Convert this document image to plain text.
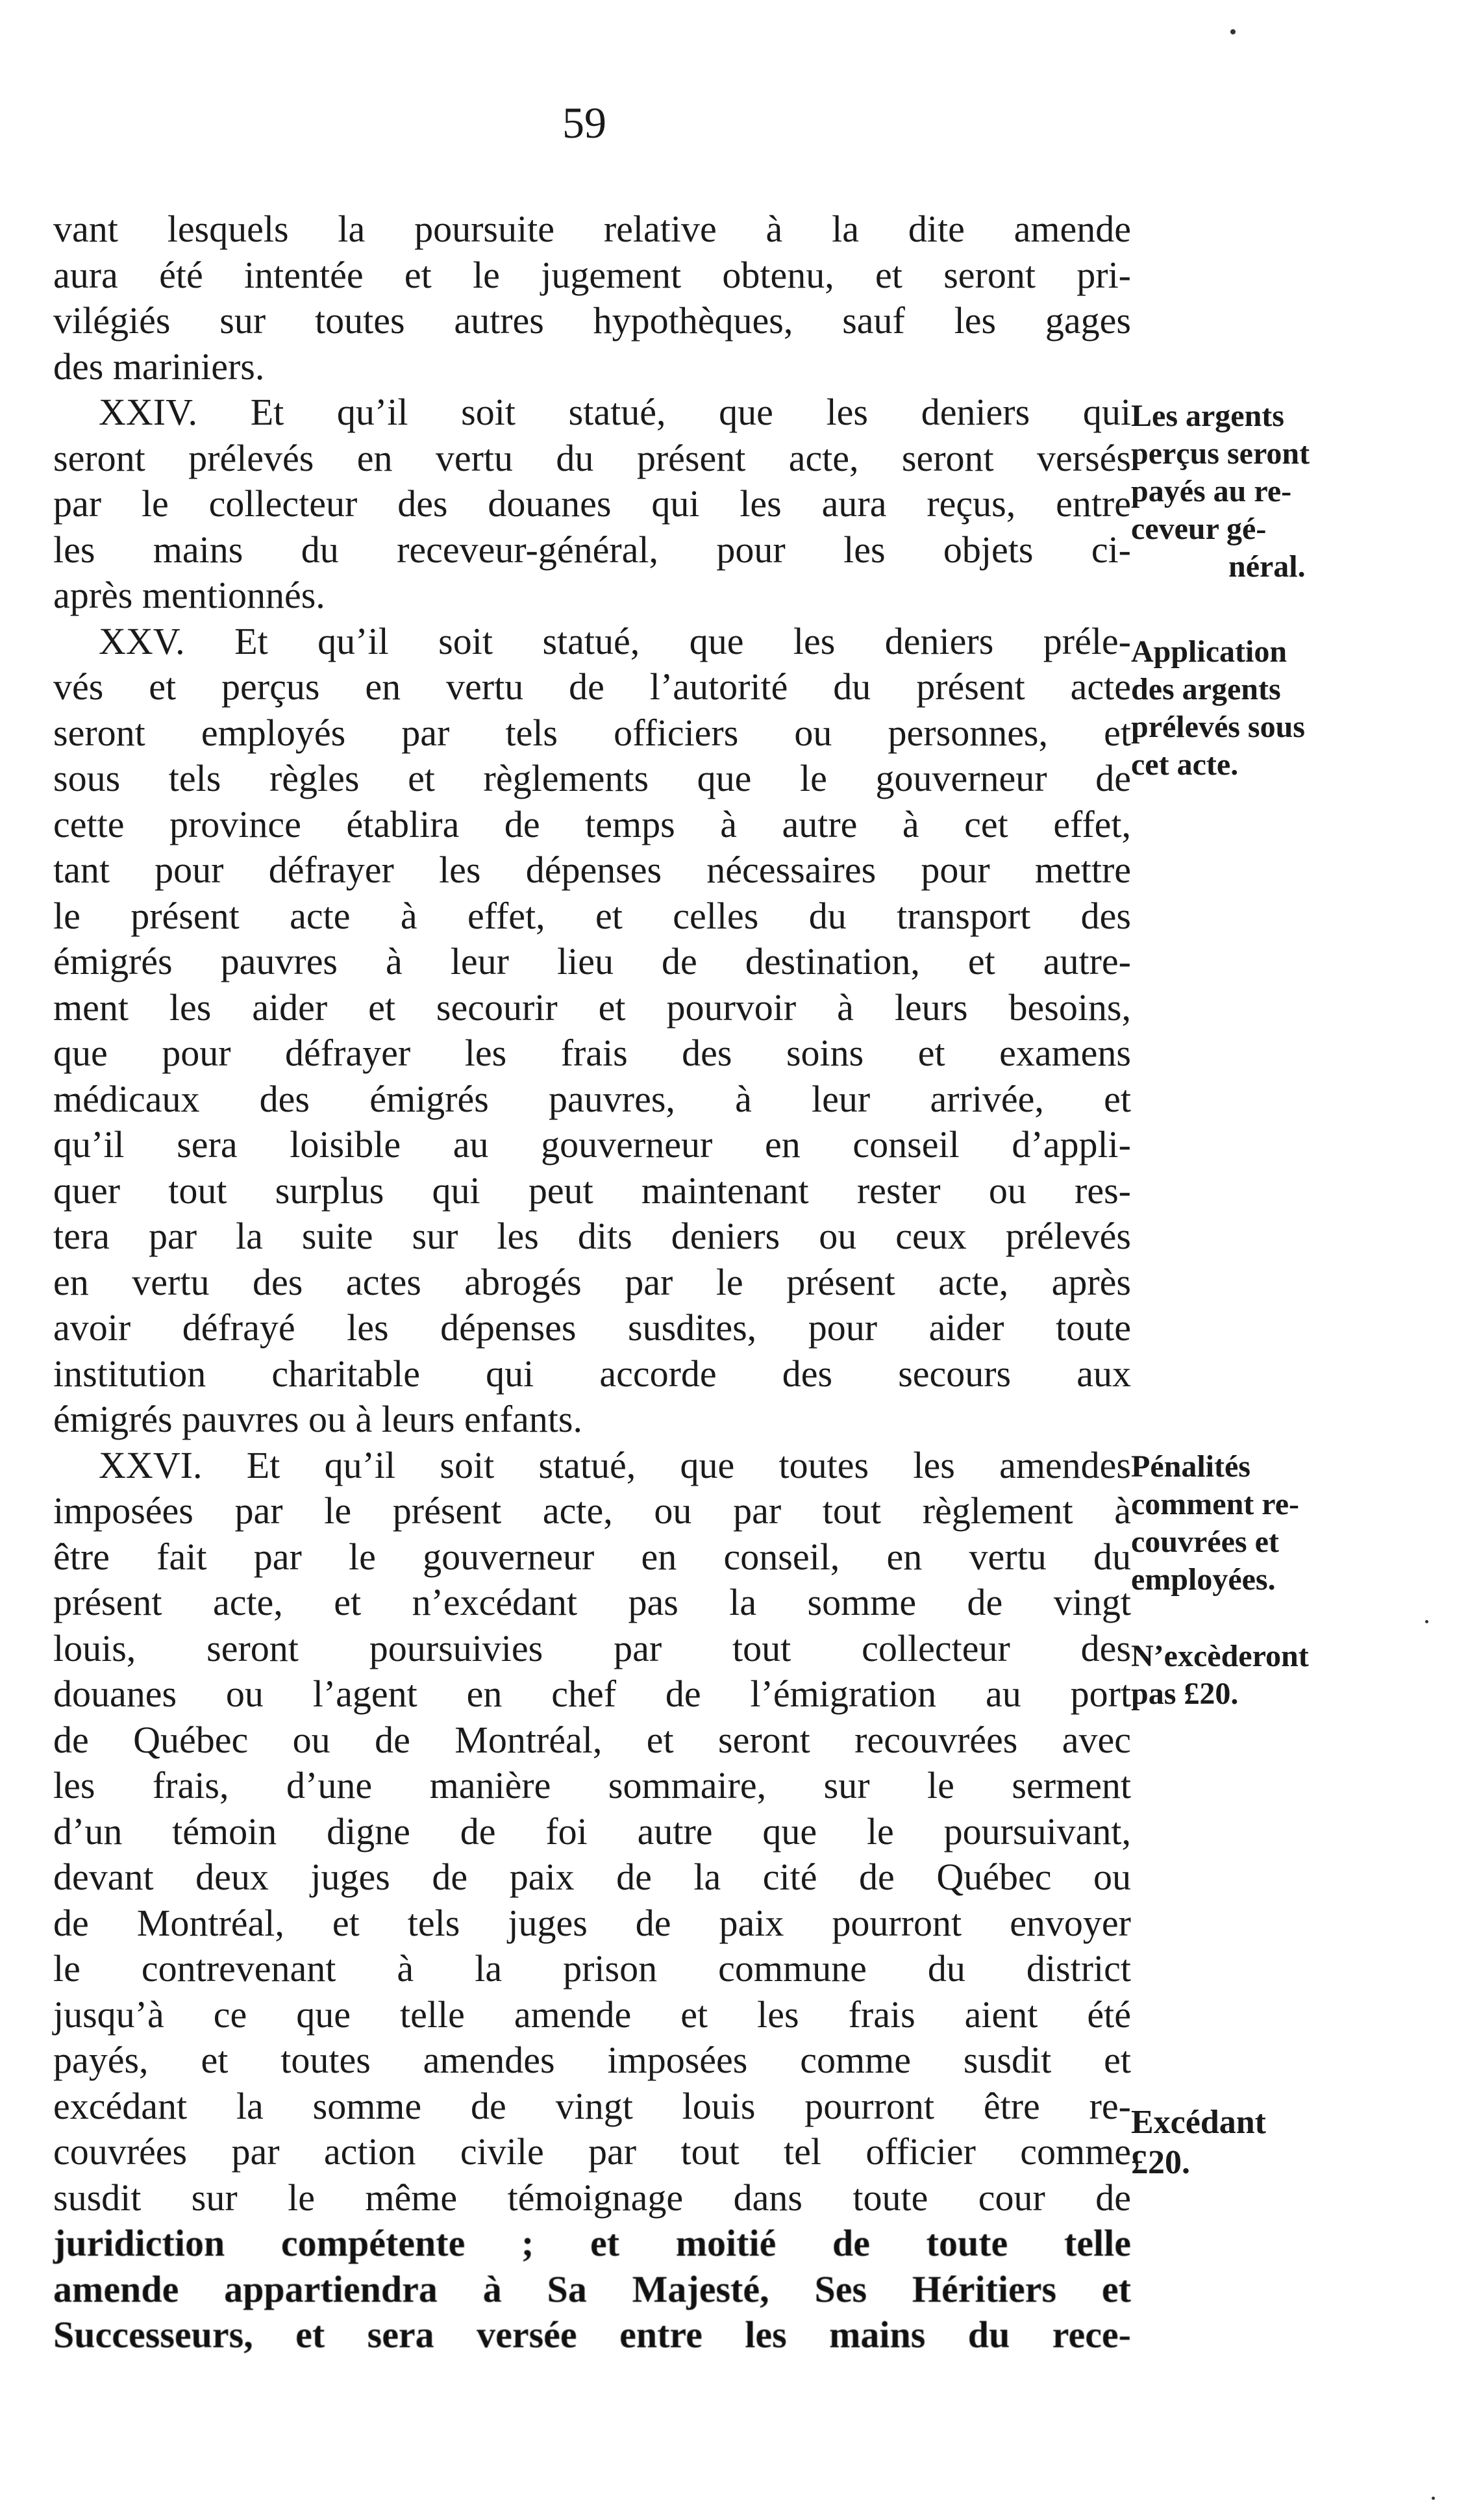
59
vant lesquels la poursuite relative à la dite amende
aura été intentée et le jugement obtenu, et seront pri-
vilégiés sur toutes autres hypothèques, sauf les gages
des mariniers.
XXIV. Et qu’il soit statué, que les deniers qui
seront prélevés en vertu du présent acte, seront versés
par le collecteur des douanes qui les aura reçus, entre
les mains du receveur-général, pour les objets ci-
après mentionnés.
XXV. Et qu’il soit statué, que les deniers préle-
vés et perçus en vertu de l’autorité du présent acte
seront employés par tels officiers ou personnes, et
sous tels règles et règlements que le gouverneur de
cette province établira de temps à autre à cet effet,
tant pour défrayer les dépenses nécessaires pour mettre
le présent acte à effet, et celles du transport des
émigrés pauvres à leur lieu de destination, et autre-
ment les aider et secourir et pourvoir à leurs besoins,
que pour défrayer les frais des soins et examens
médicaux des émigrés pauvres, à leur arrivée, et
qu’il sera loisible au gouverneur en conseil d’appli-
quer tout surplus qui peut maintenant rester ou res-
tera par la suite sur les dits deniers ou ceux prélevés
en vertu des actes abrogés par le présent acte, après
avoir défrayé les dépenses susdites, pour aider toute
institution charitable qui accorde des secours aux
émigrés pauvres ou à leurs enfants.
XXVI. Et qu’il soit statué, que toutes les amendes
imposées par le présent acte, ou par tout règlement à
être fait par le gouverneur en conseil, en vertu du
présent acte, et n’excédant pas la somme de vingt
louis, seront poursuivies par tout collecteur des
douanes ou l’agent en chef de l’émigration au port
de Québec ou de Montréal, et seront recouvrées avec
les frais, d’une manière sommaire, sur le serment
d’un témoin digne de foi autre que le poursuivant,
devant deux juges de paix de la cité de Québec ou
de Montréal, et tels juges de paix pourront envoyer
le contrevenant à la prison commune du district
jusqu’à ce que telle amende et les frais aient été
payés, et toutes amendes imposées comme susdit et
excédant la somme de vingt louis pourront être re-
couvrées par action civile par tout tel officier comme
susdit sur le même témoignage dans toute cour de
juridiction compétente ; et moitié de toute telle
amende appartiendra à Sa Majesté, Ses Héritiers et
Successeurs, et sera versée entre les mains du rece-
Les argents
perçus seront
payés au re-
ceveur gé-
néral.
Application
des argents
prélevés sous
cet acte.
Pénalités
comment re-
couvrées et
employées.
N’excèderont
pas £20.
Excédant
£20.
